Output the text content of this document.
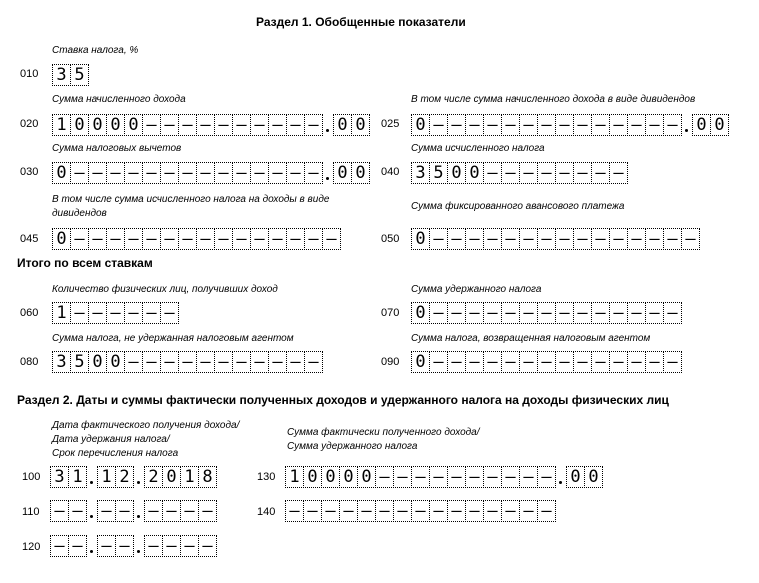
Раздел 1. Обобщенные показатели
Ставка налога, %
010 3 5
Сумма начисленного дохода
020 1 0 0 0 0 – – – – – – – – – – 0 0
В том числе сумма начисленного дохода в виде дивидендов
025 0 – – – – – – – – – – – – – – 0 0
Сумма налоговых вычетов
030 0 – – – – – – – – – – – – – – 0 0
Сумма исчисленного налога
040 3 5 0 0 – – – – – – – –
В том числе сумма исчисленного налога на доходы в виде
дивидендов
045 0 – – – – – – – – – – – – – – –
Сумма фиксированного авансового платежа
050 0 – – – – – – – – – – – – – – –
Итого по всем ставкам
Количество физических лиц, получивших доход
060 1 – – – – – –
Сумма удержанного налога
070 0 – – – – – – – – – – – – – –
Сумма налога, не удержанная налоговым агентом
080 3 5 0 0 – – – – – – – – – – –
Сумма налога, возвращенная налоговым агентом
090 0 – – – – – – – – – – – – – –
Раздел 2. Даты и суммы фактически полученных доходов и удержанного налога на доходы физических лиц
Дата фактического получения дохода/
Дата удержания налога/
Срок перечисления налога
Сумма фактически полученного дохода/
Сумма удержанного налога
100 3 1 1 2 2 0 1 8	130 1 0 0 0 0 – – – – – – – – – – 0 0
110 – – – – – – – –	140 – – – – – – – – – – – – – – –
120 – – – – – – – –
